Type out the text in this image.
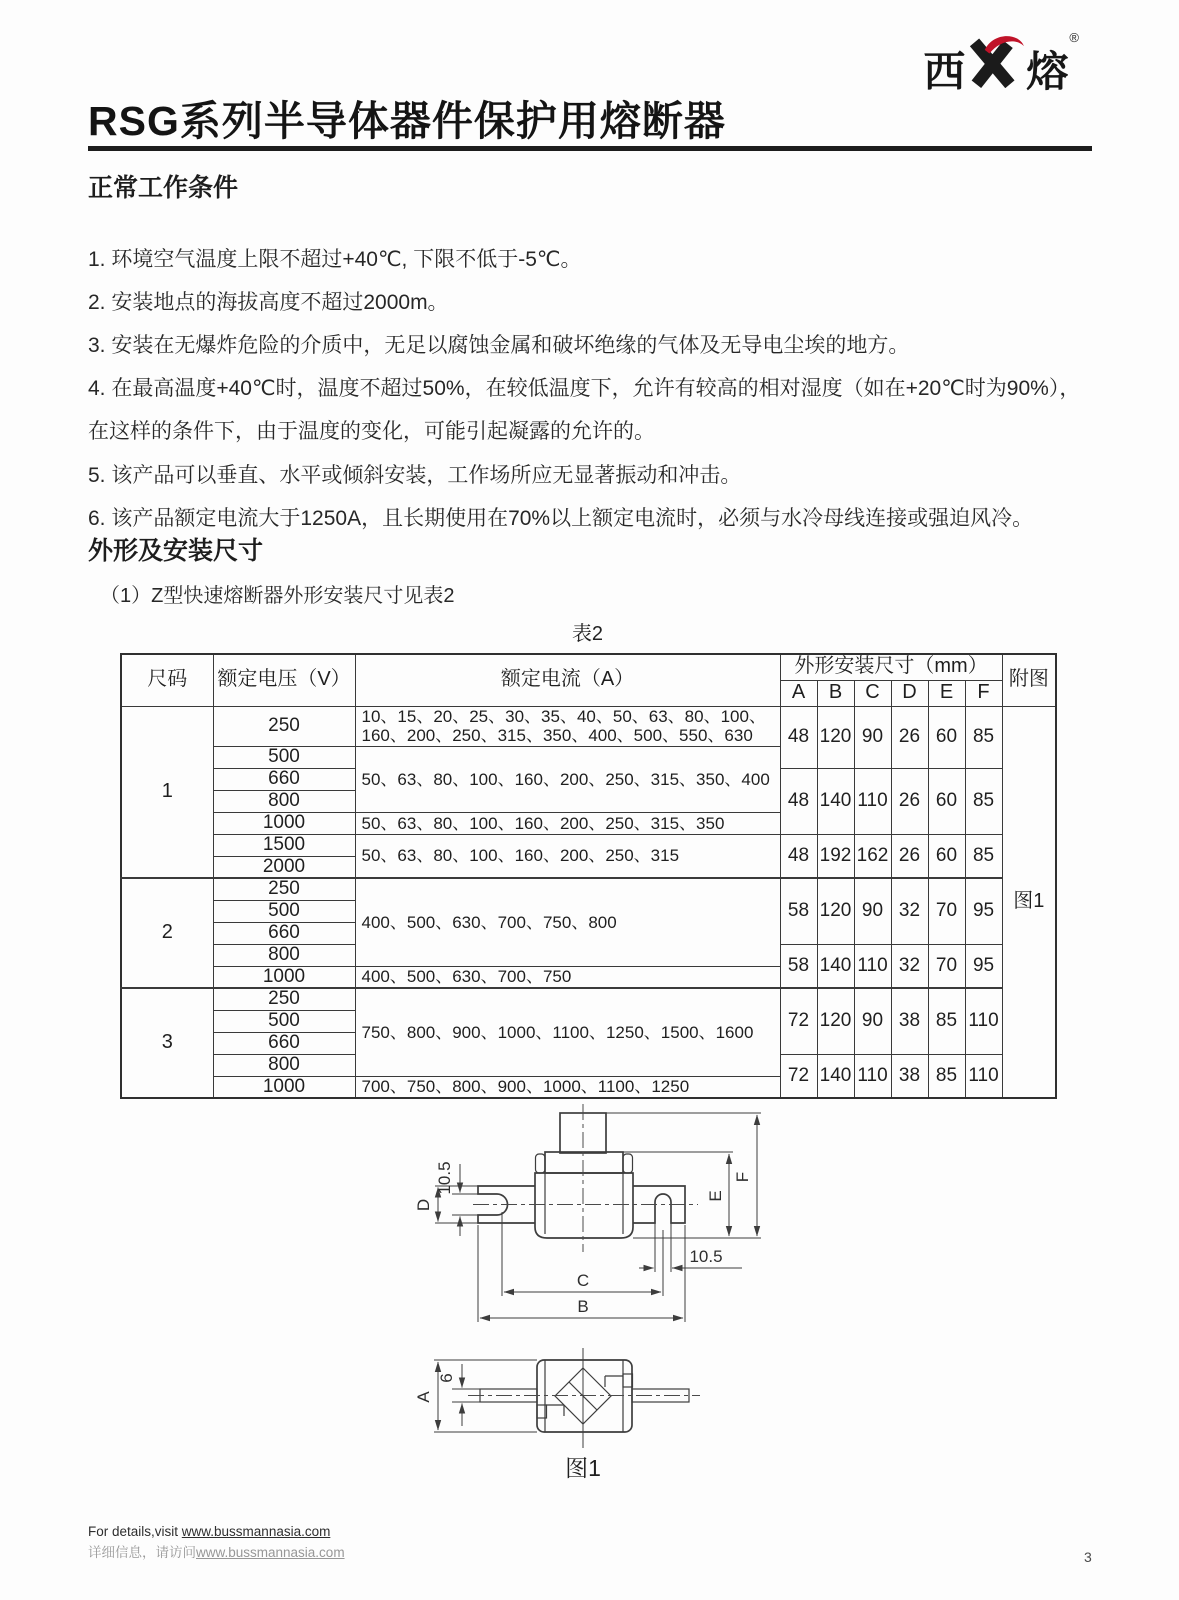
西 熔
®
RSG系列半导体器件保护用熔断器
正常工作条件

1. 环境空气温度上限不超过+40℃, 下限不低于-5℃。

2. 安装地点的海拔高度不超过2000m。

3. 安装在无爆炸危险的介质中，无足以腐蚀金属和破坏绝缘的气体及无导电尘埃的地方。

4. 在最高温度+40℃时，温度不超过50%，在较低温度下，允许有较高的相对湿度（如在+20℃时为90%），

在这样的条件下，由于温度的变化，可能引起凝露的允许的。

5. 该产品可以垂直、水平或倾斜安装，工作场所应无显著振动和冲击。

6. 该产品额定电流大于1250A，且长期使用在70%以上额定电流时，必须与水冷母线连接或强迫风冷。

外形及安装尺寸
（1）Z型快速熔断器外形安装尺寸见表2
表2
尺码	额定电压（V）	额定电流（A）	外形安装尺寸（mm）						附图
			A	B	C	D	E	F	
1	250	10、15、20、25、30、35、40、50、63、80、100、160、200、250、315、350、400、500、550、630	48	120	90	26	60	85	图1
	500	50、63、80、100、160、200、250、315、350、400							
	660		48	140	110	26	60	85	
	800								
	1000	50、63、80、100、160、200、250、315、350							
	1500	50、63、80、100、160、200、250、315	48	192	162	26	60	85	
	2000								
2	250	400、500、630、700、750、800	58	120	90	32	70	95	
	500								
	660								
	800		58	140	110	32	70	95	
	1000	400、500、630、700、750							
3	250	750、800、900、1000、1100、1250、1500、1600	72	120	90	38	85	110	
	500								
	660								
	800		72	140	110	38	85	110	
	1000	700、750、800、900、1000、1100、1250							
D
10.5
E
F
10.5
C
B
A
6
图1
For details,visit www.bussmannasia.com
详细信息，请访问www.bussmannasia.com	3
